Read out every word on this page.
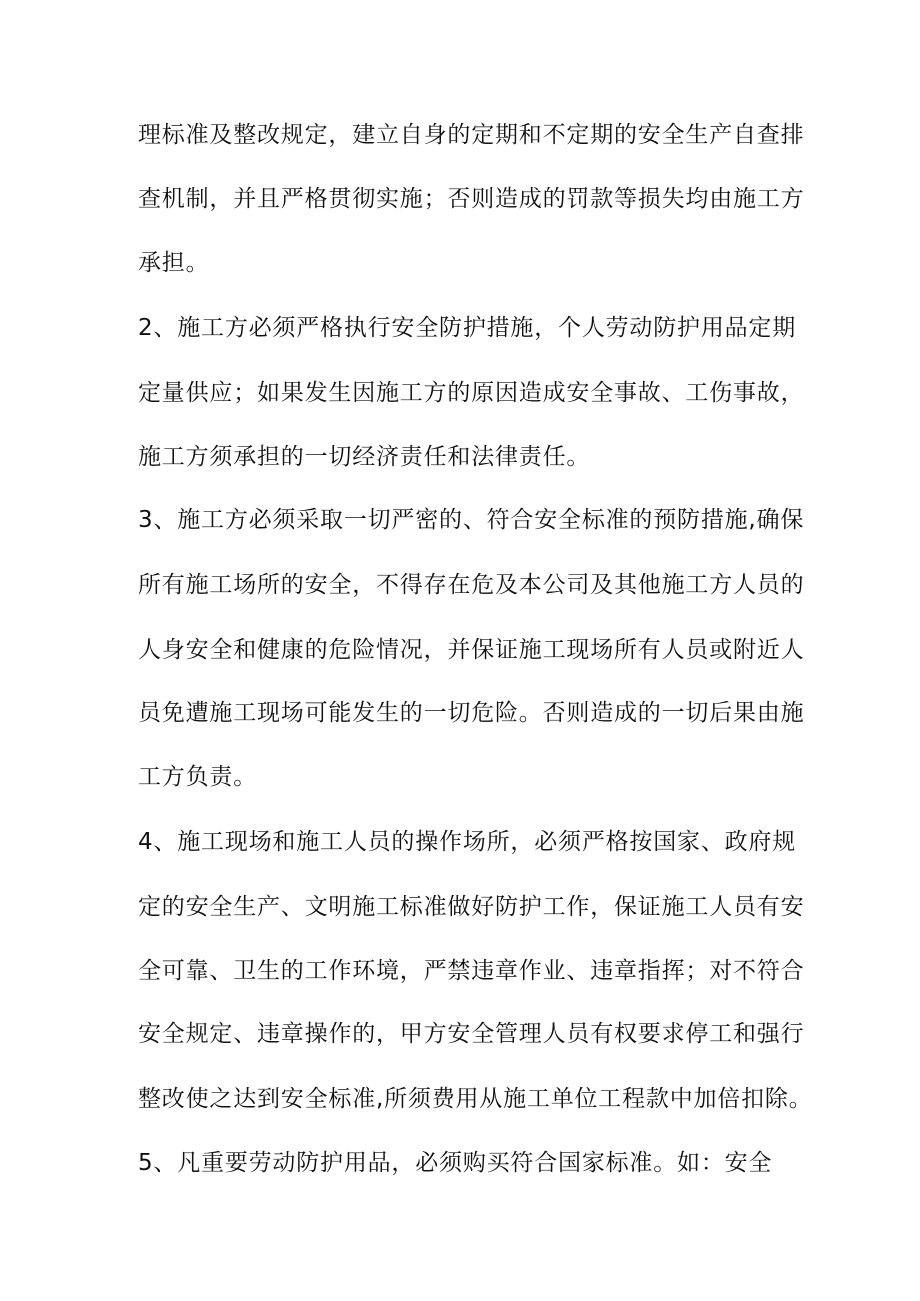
理标准及整改规定，建立自身的定期和不定期的安全生产自查排
查机制，并且严格贯彻实施；否则造成的罚款等损失均由施工方
承担。
2、施工方必须严格执行安全防护措施，个人劳动防护用品定期
定量供应；如果发生因施工方的原因造成安全事故、工伤事故，
施工方须承担的一切经济责任和法律责任。
3、施工方必须采取一切严密的、符合安全标准的预防措施,确保
所有施工场所的安全，不得存在危及本公司及其他施工方人员的
人身安全和健康的危险情况，并保证施工现场所有人员或附近人
员免遭施工现场可能发生的一切危险。否则造成的一切后果由施
工方负责。
4、施工现场和施工人员的操作场所，必须严格按国家、政府规
定的安全生产、文明施工标准做好防护工作，保证施工人员有安
全可靠、卫生的工作环境，严禁违章作业、违章指挥；对不符合
安全规定、违章操作的，甲方安全管理人员有权要求停工和强行
整改使之达到安全标准,所须费用从施工单位工程款中加倍扣除。
5、凡重要劳动防护用品，必须购买符合国家标准。如：安全
